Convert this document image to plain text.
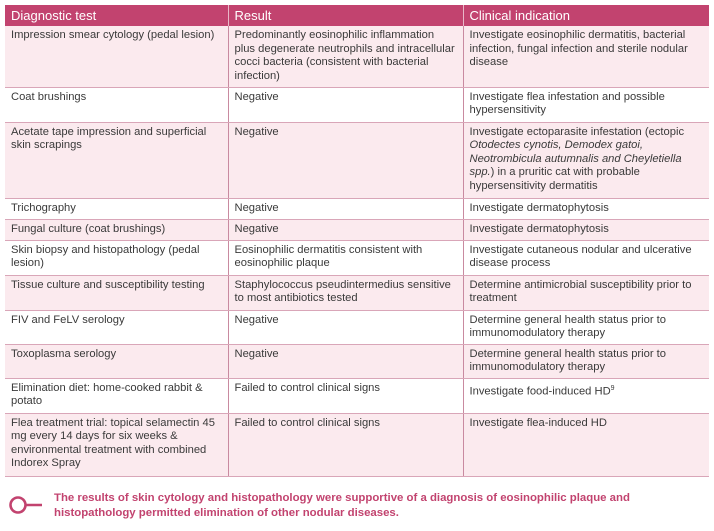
Diagnostic test	Result	Clinical indication
Impression smear cytology (pedal lesion)	Predominantly eosinophilic inflammation plus degenerate neutrophils and intracellular cocci bacteria (consistent with bacterial infection)	Investigate eosinophilic dermatitis, bacterial infection, fungal infection and sterile nodular disease
Coat brushings	Negative	Investigate flea infestation and possible hypersensitivity
Acetate tape impression and superficial skin scrapings	Negative	Investigate ectoparasite infestation (ectopic Otodectes cynotis, Demodex gatoi, Neotrombicula autumnalis and Cheyletiella spp.) in a pruritic cat with probable hypersensitivity dermatitis
Trichography	Negative	Investigate dermatophytosis
Fungal culture (coat brushings)	Negative	Investigate dermatophytosis
Skin biopsy and histopathology (pedal lesion)	Eosinophilic dermatitis consistent with eosinophilic plaque	Investigate cutaneous nodular and ulcerative disease process
Tissue culture and susceptibility testing	Staphylococcus pseudintermedius sensitive to most antibiotics tested	Determine antimicrobial susceptibility prior to treatment
FIV and FeLV serology	Negative	Determine general health status prior to immunomodulatory therapy
Toxoplasma serology	Negative	Determine general health status prior to immunomodulatory therapy
Elimination diet: home-cooked rabbit & potato	Failed to control clinical signs	Investigate food-induced $HD^9$
Flea treatment trial: topical selamectin 45 mg every 14 days for six weeks & environmental treatment with combined Indorex Spray	Failed to control clinical signs	Investigate flea-induced HD
The results of skin cytology and histopathology were supportive of a diagnosis of eosinophilic plaque and histopathology permitted elimination of other nodular diseases.
